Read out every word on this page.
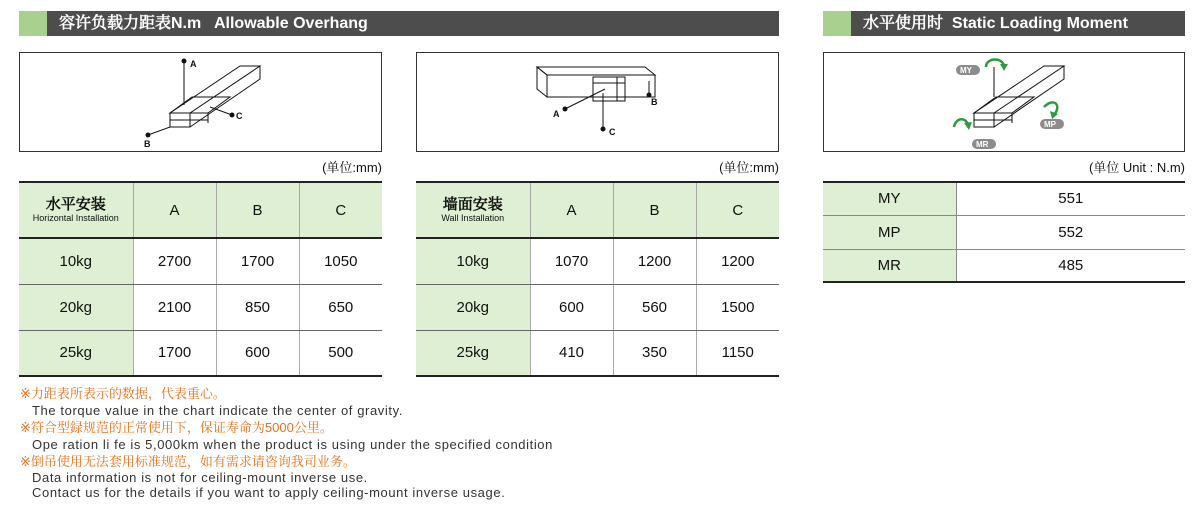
容许负载力距表N.m   Allowable Overhang	水平使用时  Static Loading Moment
A
B
C
(单位:mm)
A
B
C
(单位:mm)
MY
MP
MR
(单位 Unit : N.m)
水平安装
Horizontal Installation	A	B	C
10kg	2700	1700	1050
20kg	2100	850	650
25kg	1700	600	500
墙面安装
Wall Installation	A	B	C
10kg	1070	1200	1200
20kg	600	560	1500
25kg	410	350	1150
MY	551
MP	552
MR	485
※力距表所表示的数据，代表重心。
The torque value in the chart indicate the center of gravity.
※符合型録规范的正常使用下，保证寿命为5000公里。
Ope ration li fe is 5,000km when the product is using under the specified condition
※倒吊使用无法套用标准规范，如有需求请咨询我司业务。
Data information is not for ceiling-mount inverse use.
Contact us for the details if you want to apply ceiling-mount inverse usage.
